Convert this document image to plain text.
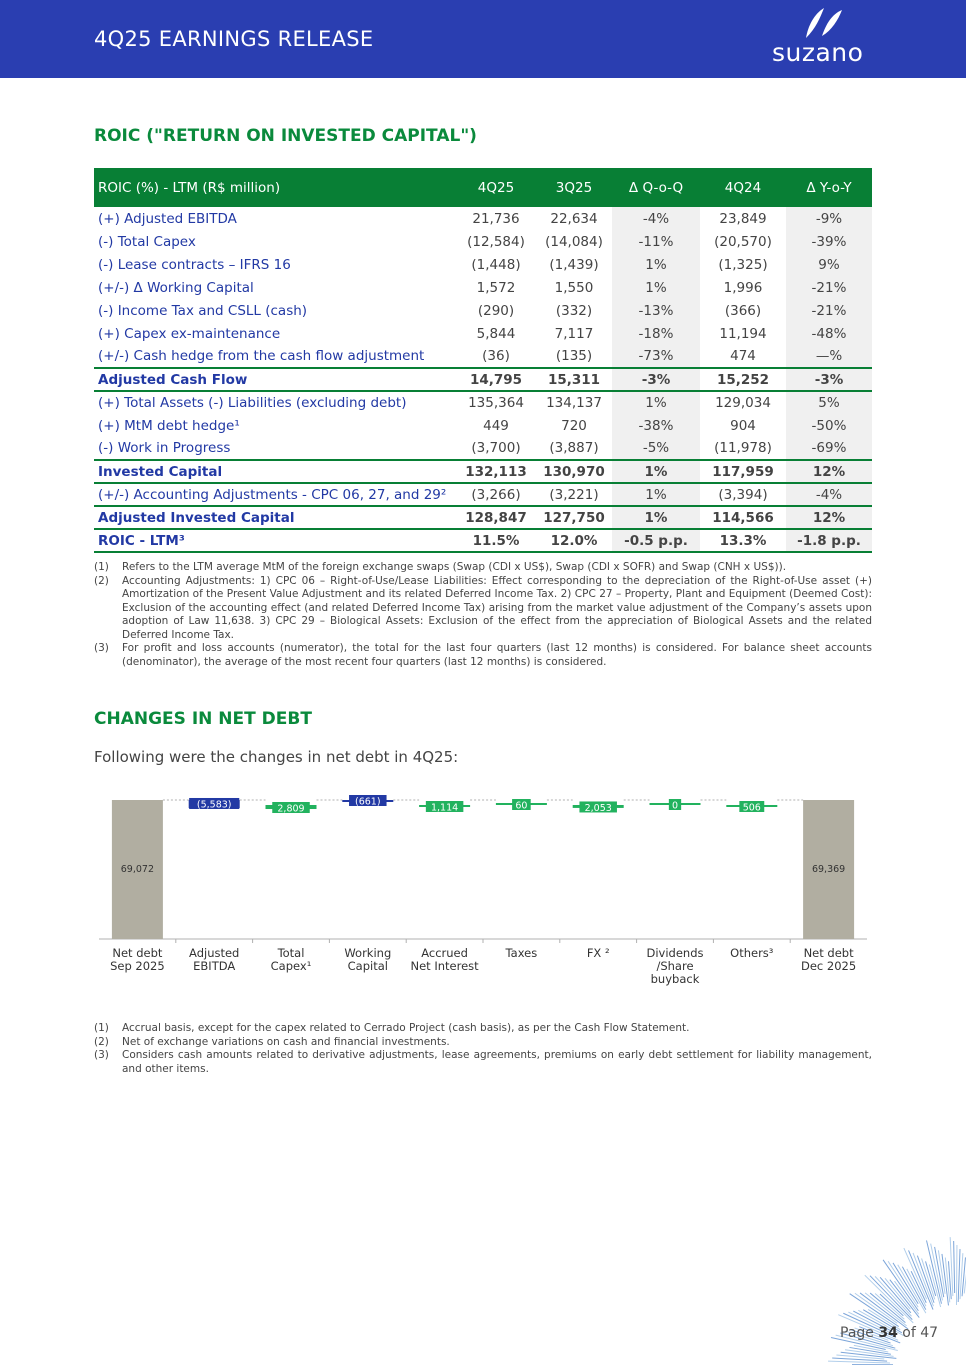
4Q25 EARNINGS RELEASE	suzano
ROIC ("RETURN ON INVESTED CAPITAL")
ROIC (%) - LTM (R$ million)	4Q25	3Q25	Δ Q-o-Q	4Q24	Δ Y-o-Y
(+) Adjusted EBITDA	21,736	22,634	-4%	23,849	-9%
(-) Total Capex	(12,584)	(14,084)	-11%	(20,570)	-39%
(-) Lease contracts – IFRS 16	(1,448)	(1,439)	1%	(1,325)	9%
(+/-) Δ Working Capital	1,572	1,550	1%	1,996	-21%
(-) Income Tax and CSLL (cash)	(290)	(332)	-13%	(366)	-21%
(+) Capex ex-maintenance	5,844	7,117	-18%	11,194	-48%
(+/-) Cash hedge from the cash flow adjustment	(36)	(135)	-73%	474	—%
Adjusted Cash Flow	14,795	15,311	-3%	15,252	-3%
(+) Total Assets (-) Liabilities (excluding debt)	135,364	134,137	1%	129,034	5%
(+) MtM debt hedge¹	449	720	-38%	904	-50%
(-) Work in Progress	(3,700)	(3,887)	-5%	(11,978)	-69%
Invested Capital	132,113	130,970	1%	117,959	12%
(+/-) Accounting Adjustments - CPC 06, 27, and 29²	(3,266)	(3,221)	1%	(3,394)	-4%
Adjusted Invested Capital	128,847	127,750	1%	114,566	12%
ROIC - LTM³	11.5%	12.0%	-0.5 p.p.	13.3%	-1.8 p.p.
(1)	Refers to the LTM average MtM of the foreign exchange swaps (Swap (CDI x US$), Swap (CDI x SOFR) and Swap (CNH x US$)).
(2)	Accounting Adjustments: 1) CPC 06 – Right-of-Use/Lease Liabilities: Effect corresponding to the depreciation of the Right-of-Use asset (+) Amortization of the Present Value Adjustment and its related Deferred Income Tax. 2) CPC 27 – Property, Plant and Equipment (Deemed Cost): Exclusion of the accounting effect (and related Deferred Income Tax) arising from the market value adjustment of the Company’s assets upon adoption of Law 11,638. 3) CPC 29 – Biological Assets: Exclusion of the effect from the appreciation of Biological Assets and the related Deferred Income Tax.
(3)	For profit and loss accounts (numerator), the total for the last four quarters (last 12 months) is considered. For balance sheet accounts (denominator), the average of the most recent four quarters (last 12 months) is considered.
CHANGES IN NET DEBT
Following were the changes in net debt in 4Q25:
69,072
Net debt
Sep 2025
(5,583)
Adjusted
EBITDA
2,809
Total
Capex¹
(661)
Working
Capital
1,114
Accrued
Net Interest
60
Taxes
2,053
FX ²
0
Dividends
/Share
buyback
506
Others³
69,369
Net debt
Dec 2025
(1)	Accrual basis, except for the capex related to Cerrado Project (cash basis), as per the Cash Flow Statement.
(2)	Net of exchange variations on cash and financial investments.
(3)	Considers cash amounts related to derivative adjustments, lease agreements, premiums on early debt settlement for liability management, and other items.
Page 34 of 47
